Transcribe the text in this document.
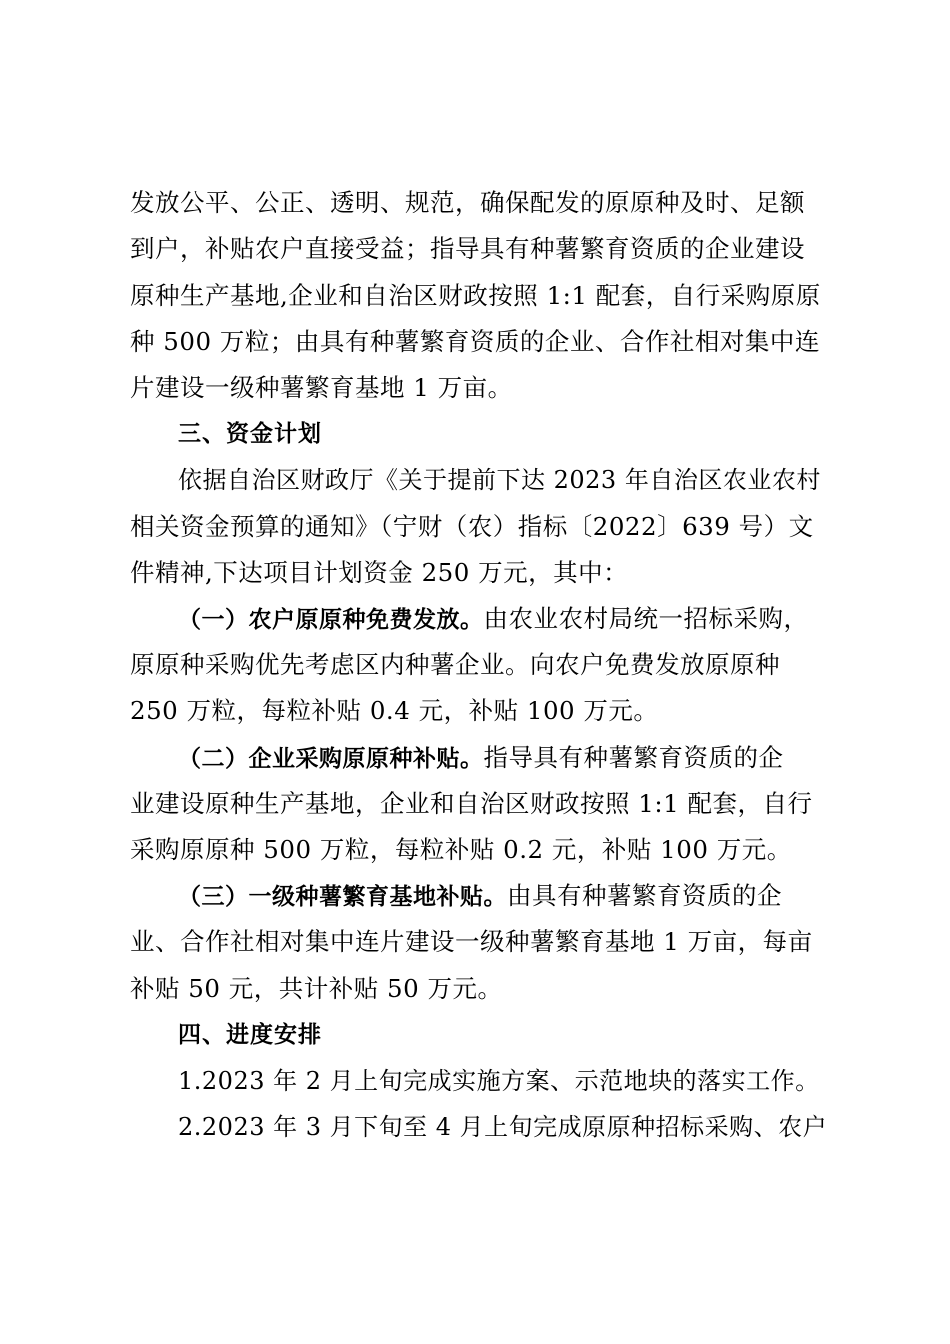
发放公平、公正、透明、规范，确保配发的原原种及时、足额
到户，补贴农户直接受益；指导具有种薯繁育资质的企业建设
原种生产基地,企业和自治区财政按照 1:1 配套，自行采购原原
种 500 万粒；由具有种薯繁育资质的企业、合作社相对集中连
片建设一级种薯繁育基地 1 万亩。
三、资金计划
依据自治区财政厅《关于提前下达 2023 年自治区农业农村
相关资金预算的通知》（宁财（农）指标〔2022〕639 号）文
件精神,下达项目计划资金 250 万元，其中：
（一）农户原原种免费发放。由农业农村局统一招标采购，
原原种采购优先考虑区内种薯企业。向农户免费发放原原种
250 万粒，每粒补贴 0.4 元，补贴 100 万元。
（二）企业采购原原种补贴。指导具有种薯繁育资质的企
业建设原种生产基地，企业和自治区财政按照 1:1 配套，自行
采购原原种 500 万粒，每粒补贴 0.2 元，补贴 100 万元。
（三）一级种薯繁育基地补贴。由具有种薯繁育资质的企
业、合作社相对集中连片建设一级种薯繁育基地 1 万亩，每亩
补贴 50 元，共计补贴 50 万元。
四、进度安排
1.2023 年 2 月上旬完成实施方案、示范地块的落实工作。
2.2023 年 3 月下旬至 4 月上旬完成原原种招标采购、农户
